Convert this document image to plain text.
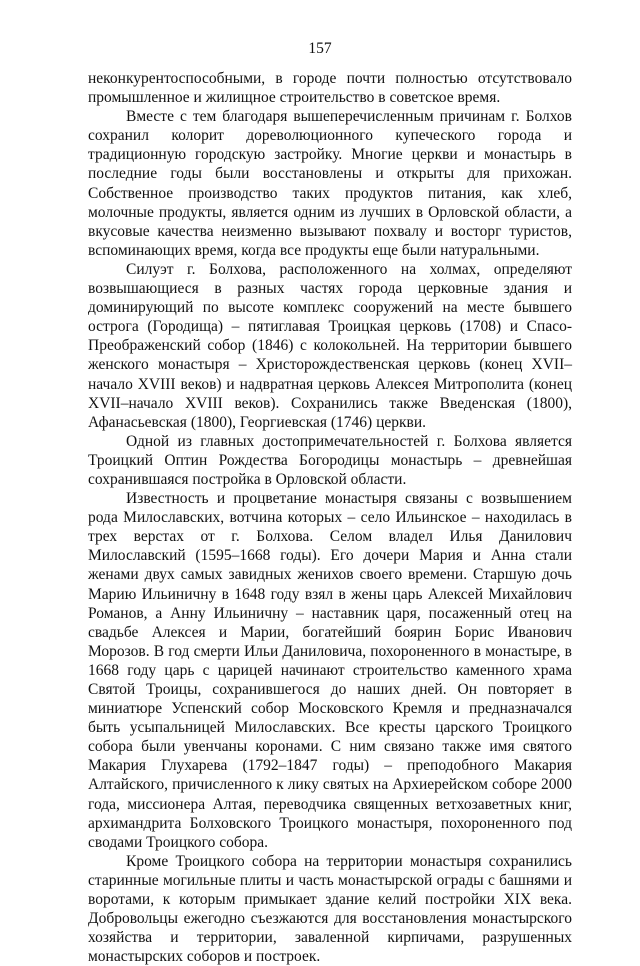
157

неконкурентоспособными, в городе почти полностью отсутствовало промышленное и жилищное строительство в советское время.

Вместе с тем благодаря вышеперечисленным причинам г. Болхов сохранил колорит дореволюционного купеческого города и традиционную городскую застройку. Многие церкви и монастырь в последние годы были восстановлены и открыты для прихожан. Собственное производство таких продуктов питания, как хлеб, молочные продукты, является одним из лучших в Орловской области, а вкусовые качества неизменно вызывают похвалу и восторг туристов, вспоминающих время, когда все продукты еще были натуральными.

Силуэт г. Болхова, расположенного на холмах, определяют возвышающиеся в разных частях города церковные здания и доминирующий по высоте комплекс сооружений на месте бывшего острога (Городища) – пятиглавая Троицкая церковь (1708) и Спасо-Преображенский собор (1846) с колокольней. На территории бывшего женского монастыря – Христорождественская церковь (конец XVII–начало XVIII веков) и надвратная церковь Алексея Митрополита (конец XVII–начало XVIII веков). Сохранились также Введенская (1800), Афанасьевская (1800), Георгиевская (1746) церкви.

Одной из главных достопримечательностей г. Болхова является Троицкий Оптин Рождества Богородицы монастырь – древнейшая сохранившаяся постройка в Орловской области.

Известность и процветание монастыря связаны с возвышением рода Милославских, вотчина которых – село Ильинское – находилась в трех верстах от г. Болхова. Селом владел Илья Данилович Милославский (1595–1668 годы). Его дочери Мария и Анна стали женами двух самых завидных женихов своего времени. Старшую дочь Марию Ильиничну в 1648 году взял в жены царь Алексей Михайлович Романов, а Анну Ильиничну – наставник царя, посаженный отец на свадьбе Алексея и Марии, богатейший боярин Борис Иванович Морозов. В год смерти Ильи Даниловича, похороненного в монастыре, в 1668 году царь с царицей начинают строительство каменного храма Святой Троицы, сохранившегося до наших дней. Он повторяет в миниатюре Успенский собор Московского Кремля и предназначался быть усыпальницей Милославских. Все кресты царского Троицкого собора были увенчаны коронами. С ним связано также имя святого Макария Глухарева (1792–1847 годы) – преподобного Макария Алтайского, причисленного к лику святых на Архиерейском соборе 2000 года, миссионера Алтая, переводчика священных ветхозаветных книг, архимандрита Болховского Троицкого монастыря, похороненного под сводами Троицкого собора.

Кроме Троицкого собора на территории монастыря сохранились старинные могильные плиты и часть монастырской ограды с башнями и воротами, к которым примыкает здание келий постройки XIX века. Добровольцы ежегодно съезжаются для восстановления монастырского хозяйства и территории, заваленной кирпичами, разрушенных монастырских соборов и построек.
